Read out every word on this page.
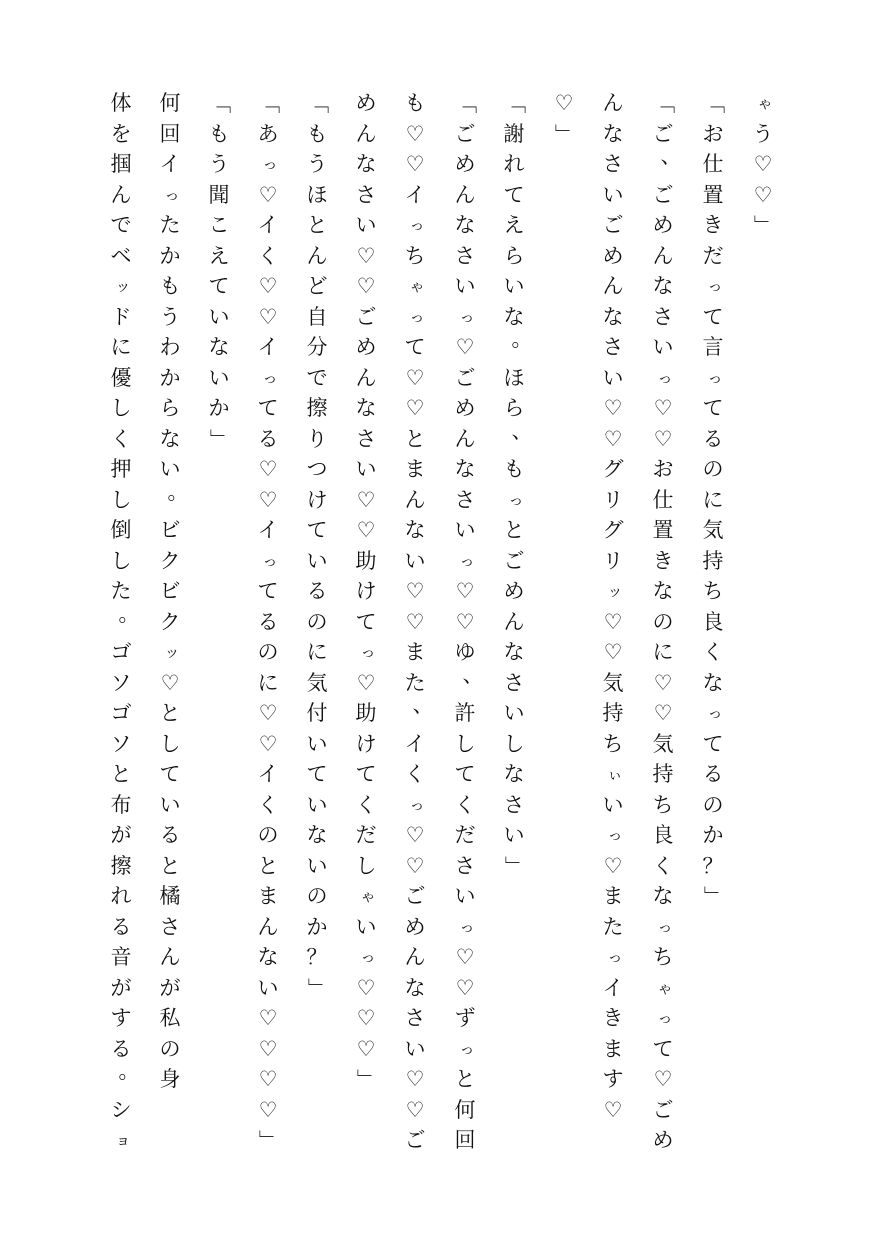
ゃ
う
♡
♡
」
「
お
仕
置
き
だ
っ
て
言
っ
て
る
の
に
気
持
ち
良
く
な
っ
て
る
の
か
？
」
「
ご
、
ご
め
ん
な
さ
い
っ
♡
♡
お
仕
置
き
な
の
に
♡
♡
気
持
ち
良
く
な
っ
ち
ゃ
っ
て
♡
ご
め
ん
な
さ
い
ご
め
ん
な
さ
い
♡
♡
グ
リ
グ
リ
ッ
♡
♡
気
持
ち
ぃ
い
っ
♡
ま
た
っ
イ
き
ま
す
♡
♡
」
「
謝
れ
て
え
ら
い
な
。
ほ
ら
、
も
っ
と
ご
め
ん
な
さ
い
し
な
さ
い
」
「
ご
め
ん
な
さ
い
っ
♡
ご
め
ん
な
さ
い
っ
♡
♡
ゆ
、
許
し
て
く
だ
さ
い
っ
♡
♡
ず
っ
と
何
回
も
♡
♡
イ
っ
ち
ゃ
っ
て
♡
♡
と
ま
ん
な
い
♡
♡
ま
た
、
イ
く
っ
♡
♡
ご
め
ん
な
さ
い
♡
♡
ご
め
ん
な
さ
い
♡
♡
ご
め
ん
な
さ
い
♡
♡
助
け
て
っ
♡
助
け
て
く
だ
し
ゃ
い
っ
♡
♡
♡
」
「
も
う
ほ
と
ん
ど
自
分
で
擦
り
つ
け
て
い
る
の
に
気
付
い
て
い
な
い
の
か
？
」
「
あ
っ
♡
イ
く
♡
♡
イ
っ
て
る
♡
♡
イ
っ
て
る
の
に
♡
♡
イ
く
の
と
ま
ん
な
い
♡
♡
♡
♡
」
「
も
う
聞
こ
え
て
い
な
い
か
」
何
回
イ
っ
た
か
も
う
わ
か
ら
な
い
。
ビ
ク
ビ
ク
ッ
♡
と
し
て
い
る
と
橘
さ
ん
が
私
の
身
体
を
掴
ん
で
ベ
ッ
ド
に
優
し
く
押
し
倒
し
た
。
ゴ
ソ
ゴ
ソ
と
布
が
擦
れ
る
音
が
す
る
。
シ
ョ
